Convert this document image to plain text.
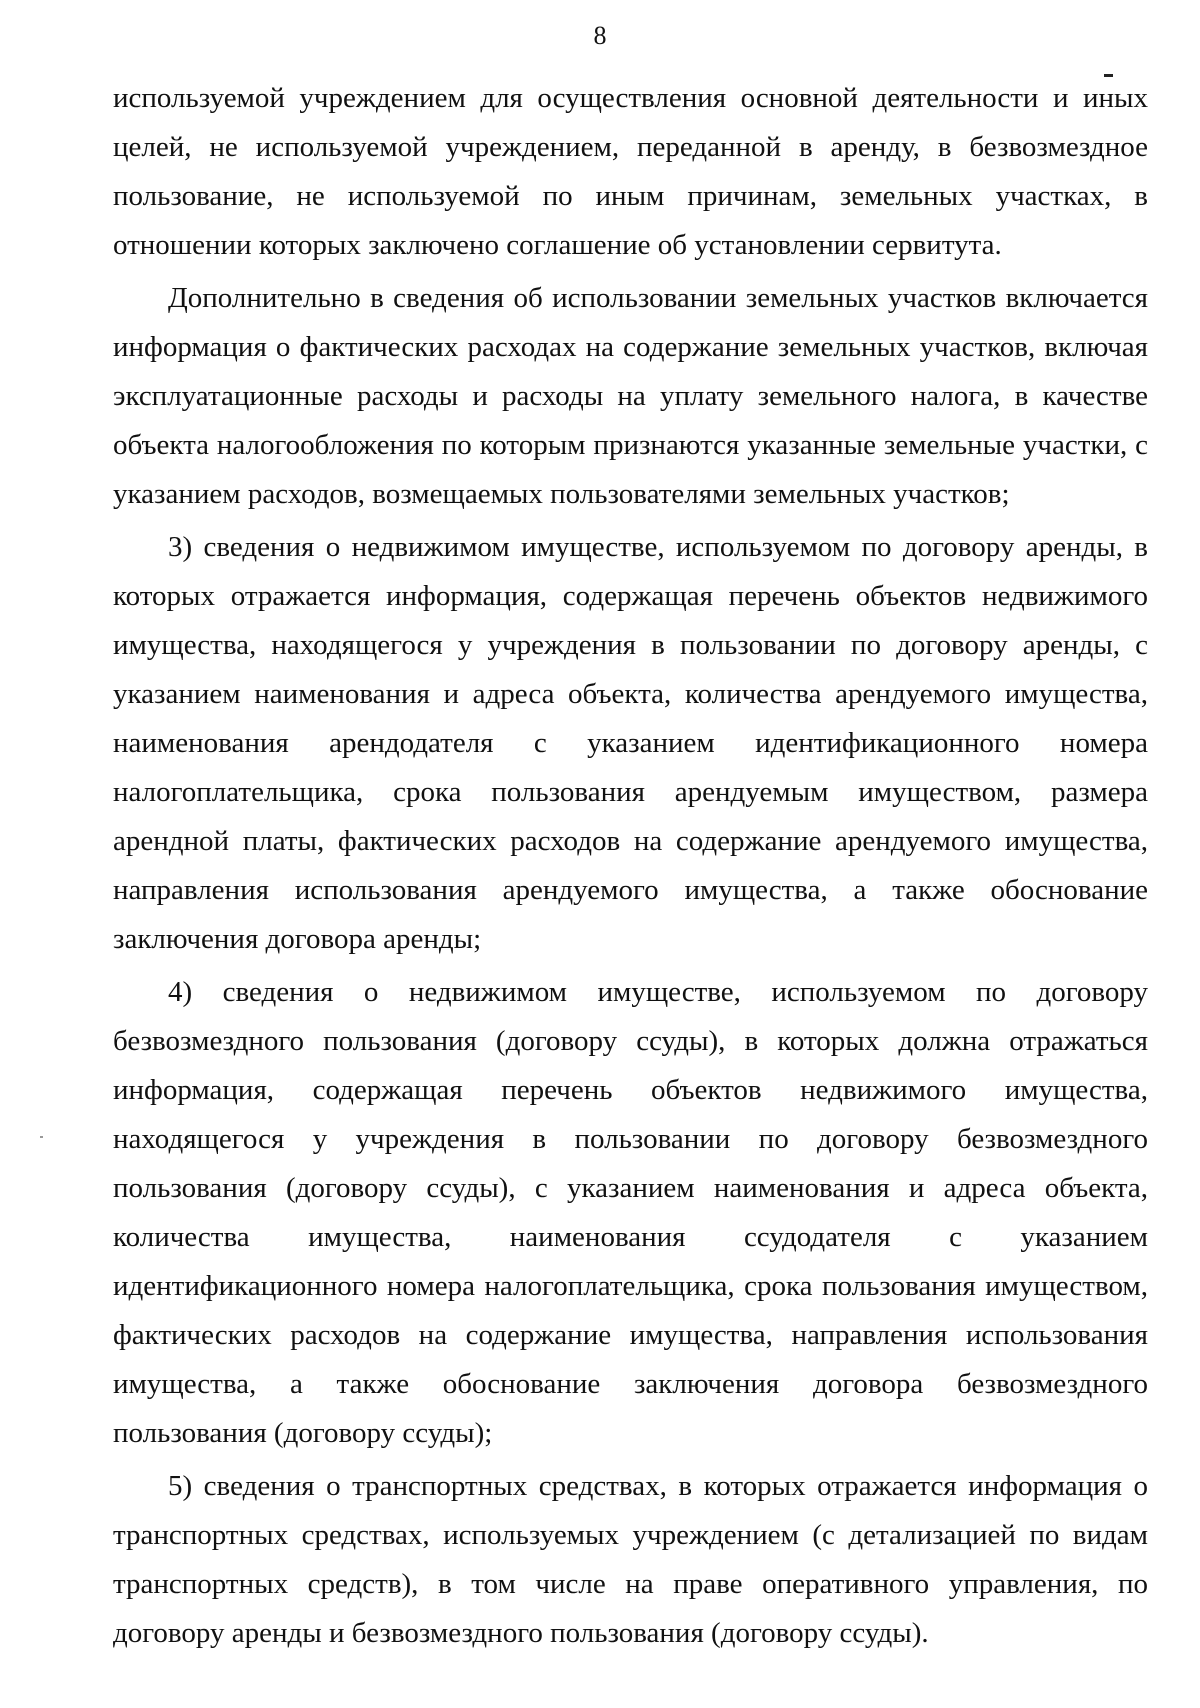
8

используемой учреждением для осуществления основной деятельности и иных целей, не используемой учреждением, переданной в аренду, в безвозмездное пользование, не используемой по иным причинам, земельных участках, в отношении которых заключено соглашение об установлении сервитута.

Дополнительно в сведения об использовании земельных участков включается информация о фактических расходах на содержание земельных участков, включая эксплуатационные расходы и расходы на уплату земельного налога, в качестве объекта налогообложения по которым признаются указанные земельные участки, с указанием расходов, возмещаемых пользователями земельных участков;

3) сведения о недвижимом имуществе, используемом по договору аренды, в которых отражается информация, содержащая перечень объектов недвижимого имущества, находящегося у учреждения в пользовании по договору аренды, с указанием наименования и адреса объекта, количества арендуемого имущества, наименования арендодателя с указанием идентификационного номера налогоплательщика, срока пользования арендуемым имуществом, размера арендной платы, фактических расходов на содержание арендуемого имущества, направления использования арендуемого имущества, а также обоснование заключения договора аренды;

4) сведения о недвижимом имуществе, используемом по договору безвозмездного пользования (договору ссуды), в которых должна отражаться информация, содержащая перечень объектов недвижимого имущества, находящегося у учреждения в пользовании по договору безвозмездного пользования (договору ссуды), с указанием наименования и адреса объекта, количества имущества, наименования ссудодателя с указанием идентификационного номера налогоплательщика, срока пользования имуществом, фактических расходов на содержание имущества, направления использования имущества, а также обоснование заключения договора безвозмездного пользования (договору ссуды);

5) сведения о транспортных средствах, в которых отражается информация о транспортных средствах, используемых учреждением (с детализацией по видам транспортных средств), в том числе на праве оперативного управления, по договору аренды и безвозмездного пользования (договору ссуды).
